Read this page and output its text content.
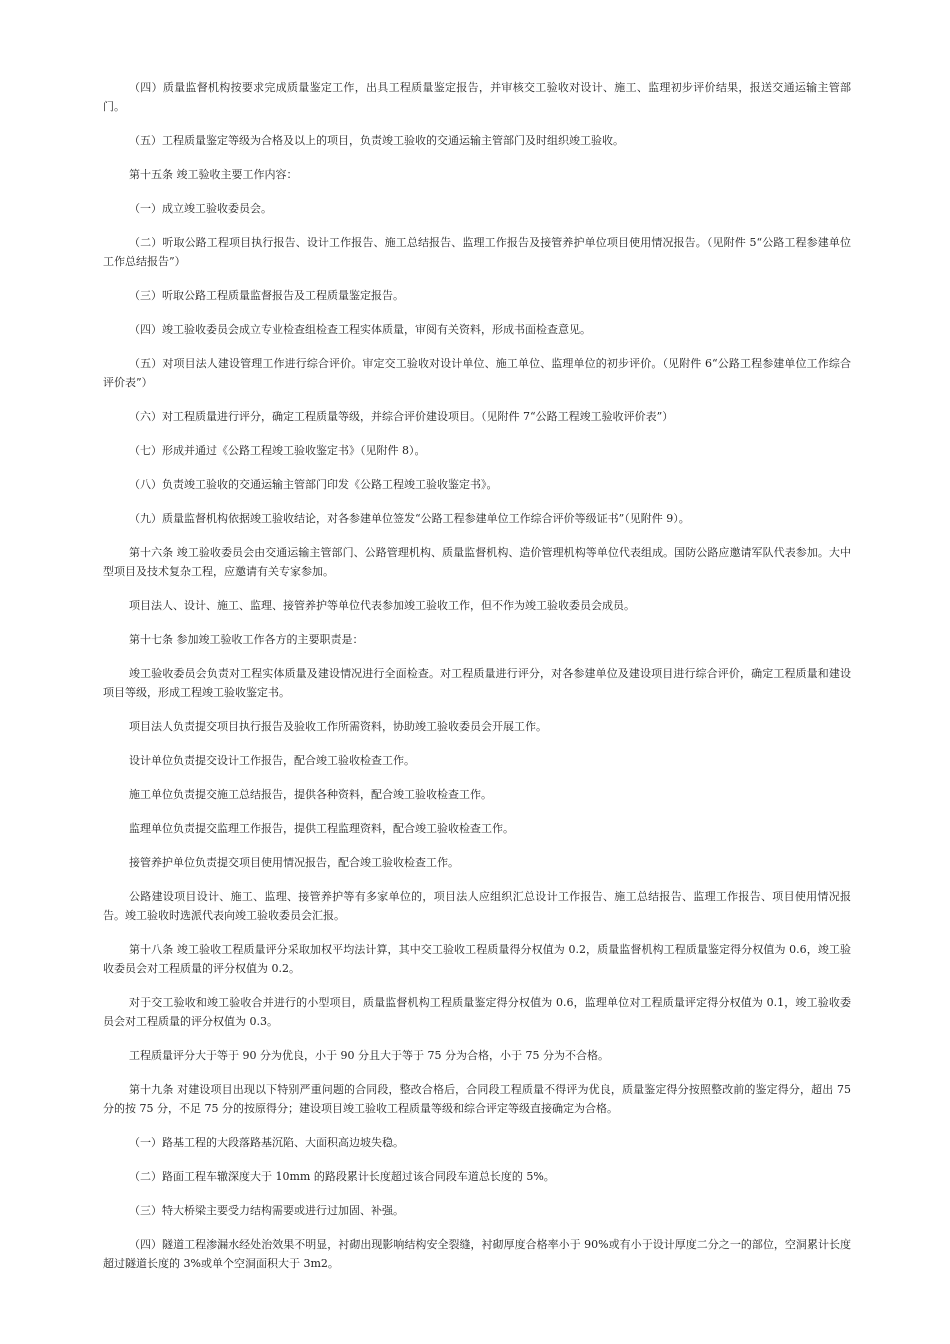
（四）质量监督机构按要求完成质量鉴定工作，出具工程质量鉴定报告，并审核交工验收对设计、施工、监理初步评价结果，报送交通运输主管部门。

（五）工程质量鉴定等级为合格及以上的项目，负责竣工验收的交通运输主管部门及时组织竣工验收。

第十五条 竣工验收主要工作内容：

（一）成立竣工验收委员会。

（二）听取公路工程项目执行报告、设计工作报告、施工总结报告、监理工作报告及接管养护单位项目使用情况报告。（见附件 5“公路工程参建单位工作总结报告”）

（三）听取公路工程质量监督报告及工程质量鉴定报告。

（四）竣工验收委员会成立专业检查组检查工程实体质量，审阅有关资料，形成书面检查意见。

（五）对项目法人建设管理工作进行综合评价。审定交工验收对设计单位、施工单位、监理单位的初步评价。（见附件 6“公路工程参建单位工作综合评价表”）

（六）对工程质量进行评分，确定工程质量等级，并综合评价建设项目。（见附件 7“公路工程竣工验收评价表”）

（七）形成并通过《公路工程竣工验收鉴定书》（见附件 8）。

（八）负责竣工验收的交通运输主管部门印发《公路工程竣工验收鉴定书》。

（九）质量监督机构依据竣工验收结论，对各参建单位签发“公路工程参建单位工作综合评价等级证书”（见附件 9）。

第十六条 竣工验收委员会由交通运输主管部门、公路管理机构、质量监督机构、造价管理机构等单位代表组成。国防公路应邀请军队代表参加。大中型项目及技术复杂工程，应邀请有关专家参加。

项目法人、设计、施工、监理、接管养护等单位代表参加竣工验收工作，但不作为竣工验收委员会成员。

第十七条 参加竣工验收工作各方的主要职责是：

竣工验收委员会负责对工程实体质量及建设情况进行全面检查。对工程质量进行评分，对各参建单位及建设项目进行综合评价，确定工程质量和建设项目等级，形成工程竣工验收鉴定书。

项目法人负责提交项目执行报告及验收工作所需资料，协助竣工验收委员会开展工作。

设计单位负责提交设计工作报告，配合竣工验收检查工作。

施工单位负责提交施工总结报告，提供各种资料，配合竣工验收检查工作。

监理单位负责提交监理工作报告，提供工程监理资料，配合竣工验收检查工作。

接管养护单位负责提交项目使用情况报告，配合竣工验收检查工作。

公路建设项目设计、施工、监理、接管养护等有多家单位的，项目法人应组织汇总设计工作报告、施工总结报告、监理工作报告、项目使用情况报告。竣工验收时选派代表向竣工验收委员会汇报。

第十八条 竣工验收工程质量评分采取加权平均法计算，其中交工验收工程质量得分权值为 0.2，质量监督机构工程质量鉴定得分权值为 0.6，竣工验收委员会对工程质量的评分权值为 0.2。

对于交工验收和竣工验收合并进行的小型项目，质量监督机构工程质量鉴定得分权值为 0.6，监理单位对工程质量评定得分权值为 0.1，竣工验收委员会对工程质量的评分权值为 0.3。

工程质量评分大于等于 90 分为优良，小于 90 分且大于等于 75 分为合格，小于 75 分为不合格。

第十九条 对建设项目出现以下特别严重问题的合同段，整改合格后，合同段工程质量不得评为优良，质量鉴定得分按照整改前的鉴定得分，超出 75 分的按 75 分，不足 75 分的按原得分；建设项目竣工验收工程质量等级和综合评定等级直接确定为合格。

（一）路基工程的大段落路基沉陷、大面积高边坡失稳。

（二）路面工程车辙深度大于 10mm 的路段累计长度超过该合同段车道总长度的 5%。

（三）特大桥梁主要受力结构需要或进行过加固、补强。

（四）隧道工程渗漏水经处治效果不明显，衬砌出现影响结构安全裂缝，衬砌厚度合格率小于 90%或有小于设计厚度二分之一的部位，空洞累计长度超过隧道长度的 3%或单个空洞面积大于 3m2。
